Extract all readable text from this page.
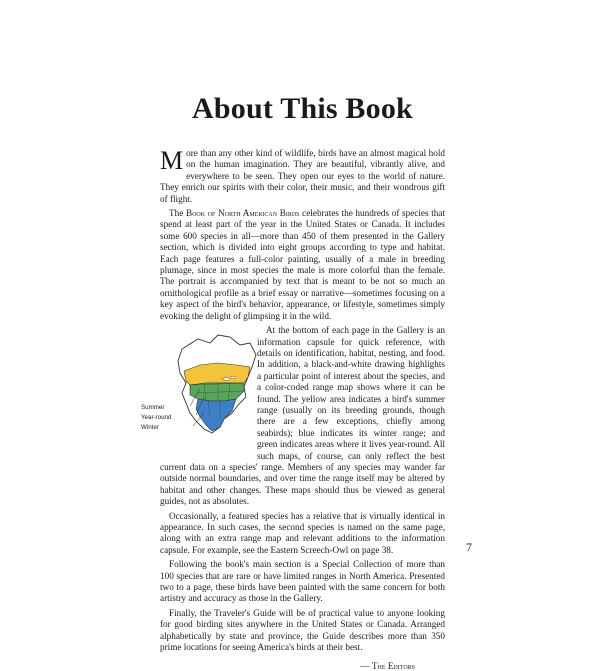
About This Book

More than any other kind of wildlife, birds have an almost magical hold on the human imagination. They are beautiful, vibrantly alive, and everywhere to be seen. They open our eyes to the world of nature. They enrich our spirits with their color, their music, and their wondrous gift of flight.

The Book of North American Birds celebrates the hundreds of species that spend at least part of the year in the United States or Canada. It includes some 600 species in all—more than 450 of them presented in the Gallery section, which is divided into eight groups according to type and habitat. Each page features a full-color painting, usually of a male in breeding plumage, since in most species the male is more colorful than the female. The portrait is accompanied by text that is meant to be not so much an ornithological profile as a brief essay or narrative—sometimes focusing on a key aspect of the bird's behavior, appearance, or lifestyle, sometimes simply evoking the delight of glimpsing it in the wild.

Summer
Year-round
Winter
At the bottom of each page in the Gallery is an information capsule for quick reference, with details on identification, habitat, nesting, and food. In addition, a black-and-white drawing highlights a particular point of interest about the species, and a color-coded range map shows where it can be found. The yellow area indicates a bird's summer range (usually on its breeding grounds, though there are a few exceptions, chiefly among seabirds); blue indicates its winter range; and green indicates areas where it lives year-round. All such maps, of course, can only reflect the best current data on a species' range. Members of any species may wander far outside normal boundaries, and over time the range itself may be altered by habitat and other changes. These maps should thus be viewed as general guides, not as absolutes.

Occasionally, a featured species has a relative that is virtually identical in appearance. In such cases, the second species is named on the same page, along with an extra range map and relevant additions to the information capsule. For example, see the Eastern Screech-Owl on page 38.

Following the book's main section is a Special Collection of more than 100 species that are rare or have limited ranges in North America. Presented two to a page, these birds have been painted with the same concern for both artistry and accuracy as those in the Gallery.

Finally, the Traveler's Guide will be of practical value to anyone looking for good birding sites anywhere in the United States or Canada. Arranged alphabetically by state and province, the Guide describes more than 350 prime locations for seeing America's birds at their best.

— The Editors
7
